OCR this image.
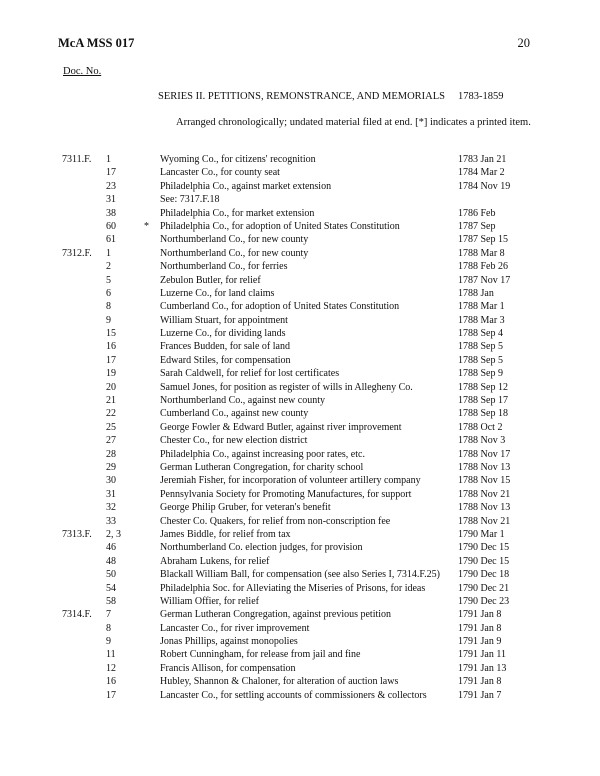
McA MSS 017	20
Doc. No.
SERIES II. PETITIONS, REMONSTRANCE, AND MEMORIALS 1783-1859
Arranged chronologically; undated material filed at end. [*] indicates a printed item.
7311.F. 1	Wyoming Co., for citizens' recognition	1783 Jan 21
17	Lancaster Co., for county seat	1784 Mar 2
23	Philadelphia Co., against market extension	1784 Nov 19
31	See: 7317.F.18
38	Philadelphia Co., for market extension	1786 Feb
60	* Philadelphia Co., for adoption of United States Constitution	1787 Sep
61	Northumberland Co., for new county	1787 Sep 15
7312.F. 1	Northumberland Co., for new county	1788 Mar 8
2	Northumberland Co., for ferries	1788 Feb 26
5	Zebulon Butler, for relief	1787 Nov 17
6	Luzerne Co., for land claims	1788 Jan
8	Cumberland Co., for adoption of United States Constitution	1788 Mar 1
9	William Stuart, for appointment	1788 Mar 3
15	Luzerne Co., for dividing lands	1788 Sep 4
16	Frances Budden, for sale of land	1788 Sep 5
17	Edward Stiles, for compensation	1788 Sep 5
19	Sarah Caldwell, for relief for lost certificates	1788 Sep 9
20	Samuel Jones, for position as register of wills in Allegheny Co.	1788 Sep 12
21	Northumberland Co., against new county	1788 Sep 17
22	Cumberland Co., against new county	1788 Sep 18
25	George Fowler & Edward Butler, against river improvement	1788 Oct 2
27	Chester Co., for new election district	1788 Nov 3
28	Philadelphia Co., against increasing poor rates, etc.	1788 Nov 17
29	German Lutheran Congregation, for charity school	1788 Nov 13
30	Jeremiah Fisher, for incorporation of volunteer artillery company	1788 Nov 15
31	Pennsylvania Society for Promoting Manufactures, for support	1788 Nov 21
32	George Philip Gruber, for veteran's benefit	1788 Nov 13
33	Chester Co. Quakers, for relief from non-conscription fee	1788 Nov 21
7313.F. 2, 3	James Biddle, for relief from tax	1790 Mar 1
46	Northumberland Co. election judges, for provision	1790 Dec 15
48	Abraham Lukens, for relief	1790 Dec 15
50	Blackall William Ball, for compensation (see also Series I, 7314.F.25) 1790 Dec 18
54	Philadelphia Soc. for Alleviating the Miseries of Prisons, for ideas	1790 Dec 21
58	William Offier, for relief	1790 Dec 23
7314.F. 7	German Lutheran Congregation, against previous petition	1791 Jan 8
8	Lancaster Co., for river improvement	1791 Jan 8
9	Jonas Phillips, against monopolies	1791 Jan 9
11	Robert Cunningham, for release from jail and fine	1791 Jan 11
12	Francis Allison, for compensation	1791 Jan 13
16	Hubley, Shannon & Chaloner, for alteration of auction laws	1791 Jan 8
17	Lancaster Co., for settling accounts of commissioners & collectors	1791 Jan 7
